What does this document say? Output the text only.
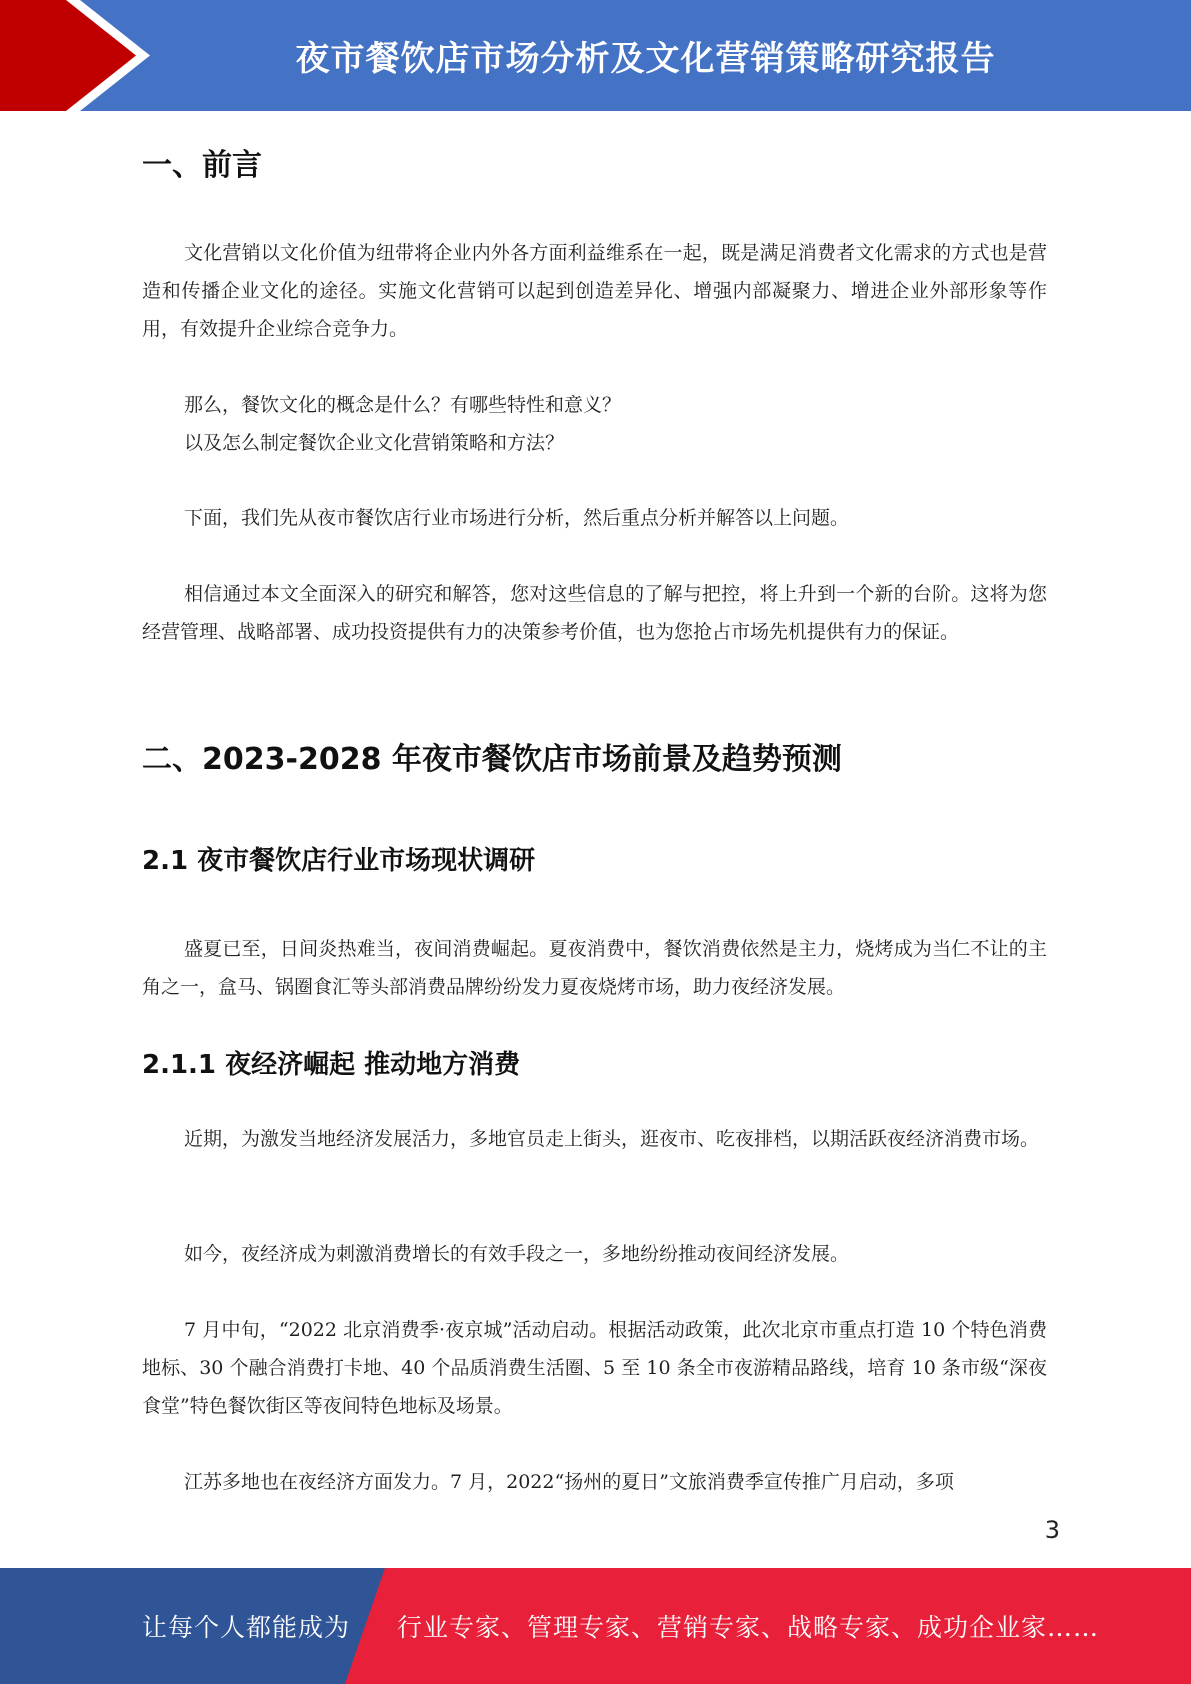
夜市餐饮店市场分析及文化营销策略研究报告
一、前言
文化营销以文化价值为纽带将企业内外各方面利益维系在一起，既是满足消费者文化需求的方式也是营造和传播企业文化的途径。实施文化营销可以起到创造差异化、增强内部凝聚力、增进企业外部形象等作用，有效提升企业综合竞争力。
那么，餐饮文化的概念是什么？有哪些特性和意义？
以及怎么制定餐饮企业文化营销策略和方法？
下面，我们先从夜市餐饮店行业市场进行分析，然后重点分析并解答以上问题。
相信通过本文全面深入的研究和解答，您对这些信息的了解与把控，将上升到一个新的台阶。这将为您经营管理、战略部署、成功投资提供有力的决策参考价值，也为您抢占市场先机提供有力的保证。
二、2023-2028 年夜市餐饮店市场前景及趋势预测
2.1 夜市餐饮店行业市场现状调研
盛夏已至，日间炎热难当，夜间消费崛起。夏夜消费中，餐饮消费依然是主力，烧烤成为当仁不让的主角之一，盒马、锅圈食汇等头部消费品牌纷纷发力夏夜烧烤市场，助力夜经济发展。
2.1.1 夜经济崛起 推动地方消费
近期，为激发当地经济发展活力，多地官员走上街头，逛夜市、吃夜排档，以期活跃夜经济消费市场。
如今，夜经济成为刺激消费增长的有效手段之一，多地纷纷推动夜间经济发展。
7 月中旬，“2022 北京消费季·夜京城”活动启动。根据活动政策，此次北京市重点打造 10 个特色消费地标、30 个融合消费打卡地、40 个品质消费生活圈、5 至 10 条全市夜游精品路线，培育 10 条市级“深夜食堂”特色餐饮街区等夜间特色地标及场景。
江苏多地也在夜经济方面发力。7 月，2022“扬州的夏日”文旅消费季宣传推广月启动，多项
3
让每个人都能成为 行业专家、管理专家、营销专家、战略专家、成功企业家……
